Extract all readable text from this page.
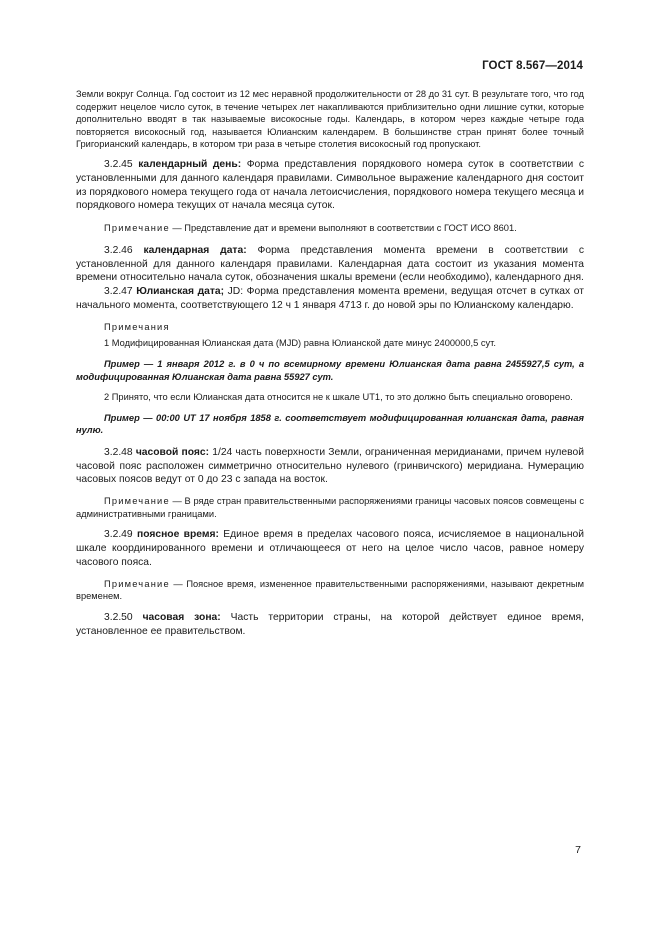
ГОСТ 8.567—2014

Земли вокруг Солнца. Год состоит из 12 мес неравной продолжительности от 28 до 31 сут. В результате того, что год содержит нецелое число суток, в течение четырех лет накапливаются приблизительно одни лишние сутки, которые дополнительно вводят в так называемые високосные годы. Календарь, в котором через каждые четыре года повторяется високосный год, называется Юлианским календарем. В большинстве стран принят более точный Григорианский календарь, в котором три раза в четыре столетия високосный год пропускают.

3.2.45 календарный день: Форма представления порядкового номера суток в соответствии с установленными для данного календаря правилами. Символьное выражение календарного дня состоит из порядкового номера текущего года от начала летоисчисления, порядкового номера текущего месяца и порядкового номера текущих от начала месяца суток.

Примечание — Представление дат и времени выполняют в соответствии с ГОСТ ИСО 8601.

3.2.46 календарная дата: Форма представления момента времени в соответствии с установленной для данного календаря правилами. Календарная дата состоит из указания момента времени относительно начала суток, обозначения шкалы времени (если необходимо), календарного дня.

3.2.47 Юлианская дата; JD: Форма представления момента времени, ведущая отсчет в сутках от начального момента, соответствующего 12 ч 1 января 4713 г. до новой эры по Юлианскому календарю.

Примечания

1 Модифицированная Юлианская дата (MJD) равна Юлианской дате минус 2400000,5 сут.

Пример — 1 января 2012 г. в 0 ч по всемирному времени Юлианская дата равна 2455927,5 сут, а модифицированная Юлианская дата равна 55927 сут.

2 Принято, что если Юлианская дата относится не к шкале UT1, то это должно быть специально оговорено.

Пример — 00:00 UT 17 ноября 1858 г. соответствует модифицированная юлианская дата, равная нулю.

3.2.48 часовой пояс: 1/24 часть поверхности Земли, ограниченная меридианами, причем нулевой часовой пояс расположен симметрично относительно нулевого (гринвичского) меридиана. Нумерацию часовых поясов ведут от 0 до 23 с запада на восток.

Примечание — В ряде стран правительственными распоряжениями границы часовых поясов совмещены с административными границами.

3.2.49 поясное время: Единое время в пределах часового пояса, исчисляемое в национальной шкале координированного времени и отличающееся от него на целое число часов, равное номеру часового пояса.

Примечание — Поясное время, измененное правительственными распоряжениями, называют декретным временем.

3.2.50 часовая зона: Часть территории страны, на которой действует единое время, установленное ее правительством.

7
